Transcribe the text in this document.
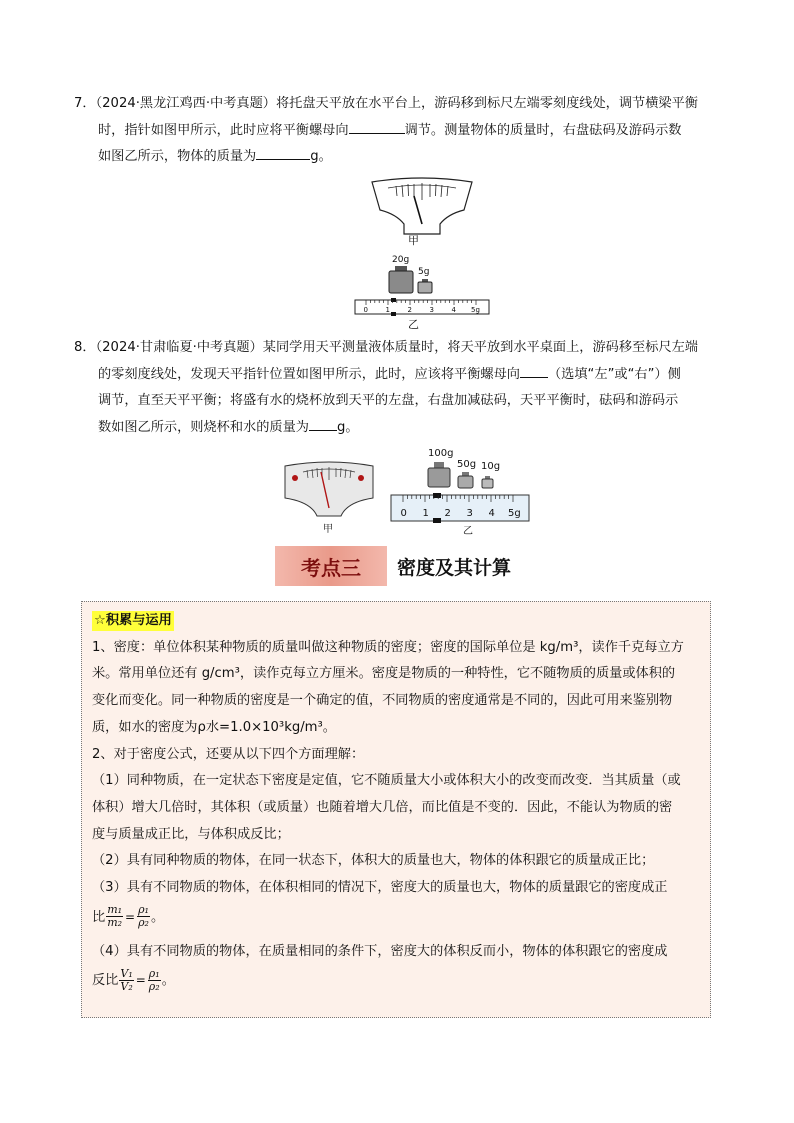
7．（2024·黑龙江鸡西·中考真题）将托盘天平放在水平台上，游码移到标尺左端零刻度线处，调节横梁平衡
时，指针如图甲所示，此时应将平衡螺母向	调节。测量物体的质量时，右盘砝码及游码示数
如图乙所示，物体的质量为	g。
甲
20g
5g
0	1	2	3	4 5g
乙
8．（2024·甘肃临夏·中考真题）某同学用天平测量液体质量时，将天平放到水平桌面上，游码移至标尺左端
的零刻度线处，发现天平指针位置如图甲所示，此时，应该将平衡螺母向 （选填“左”或“右”）侧
调节，直至天平平衡；将盛有水的烧杯放到天平的左盘，右盘加减砝码，天平平衡时，砝码和游码示
数如图乙所示，则烧杯和水的质量为 g。
甲
100g
50g 10g
0 1 2 3 4 5g
乙
考点三	密度及其计算
☆积累与运用

1、密度：单位体积某种物质的质量叫做这种物质的密度；密度的国际单位是 kg/m³，读作千克每立方

米。常用单位还有 g/cm³，读作克每立方厘米。密度是物质的一种特性，它不随物质的质量或体积的

变化而变化。同一种物质的密度是一个确定的值，不同物质的密度通常是不同的，因此可用来鉴别物

质，如水的密度为ρ水=1.0×10³kg/m³。

2、对于密度公式，还要从以下四个方面理解：

（1）同种物质，在一定状态下密度是定值，它不随质量大小或体积大小的改变而改变．当其质量（或

体积）增大几倍时，其体积（或质量）也随着增大几倍，而比值是不变的．因此，不能认为物质的密

度与质量成正比，与体积成反比；

（2）具有同种物质的物体，在同一状态下，体积大的质量也大，物体的体积跟它的质量成正比；

（3）具有不同物质的物体，在体积相同的情况下，密度大的质量也大，物体的质量跟它的密度成正

比 $\frac{\text{m₁}}{\text{m₂}} = \frac{\text{ρ₁}}{\text{ρ₂}}$ 。

（4）具有不同物质的物体，在质量相同的条件下，密度大的体积反而小，物体的体积跟它的密度成

反比 $\frac{\text{V₁}}{\text{V₂}} = \frac{\text{ρ₁}}{\text{ρ₂}}$ 。
